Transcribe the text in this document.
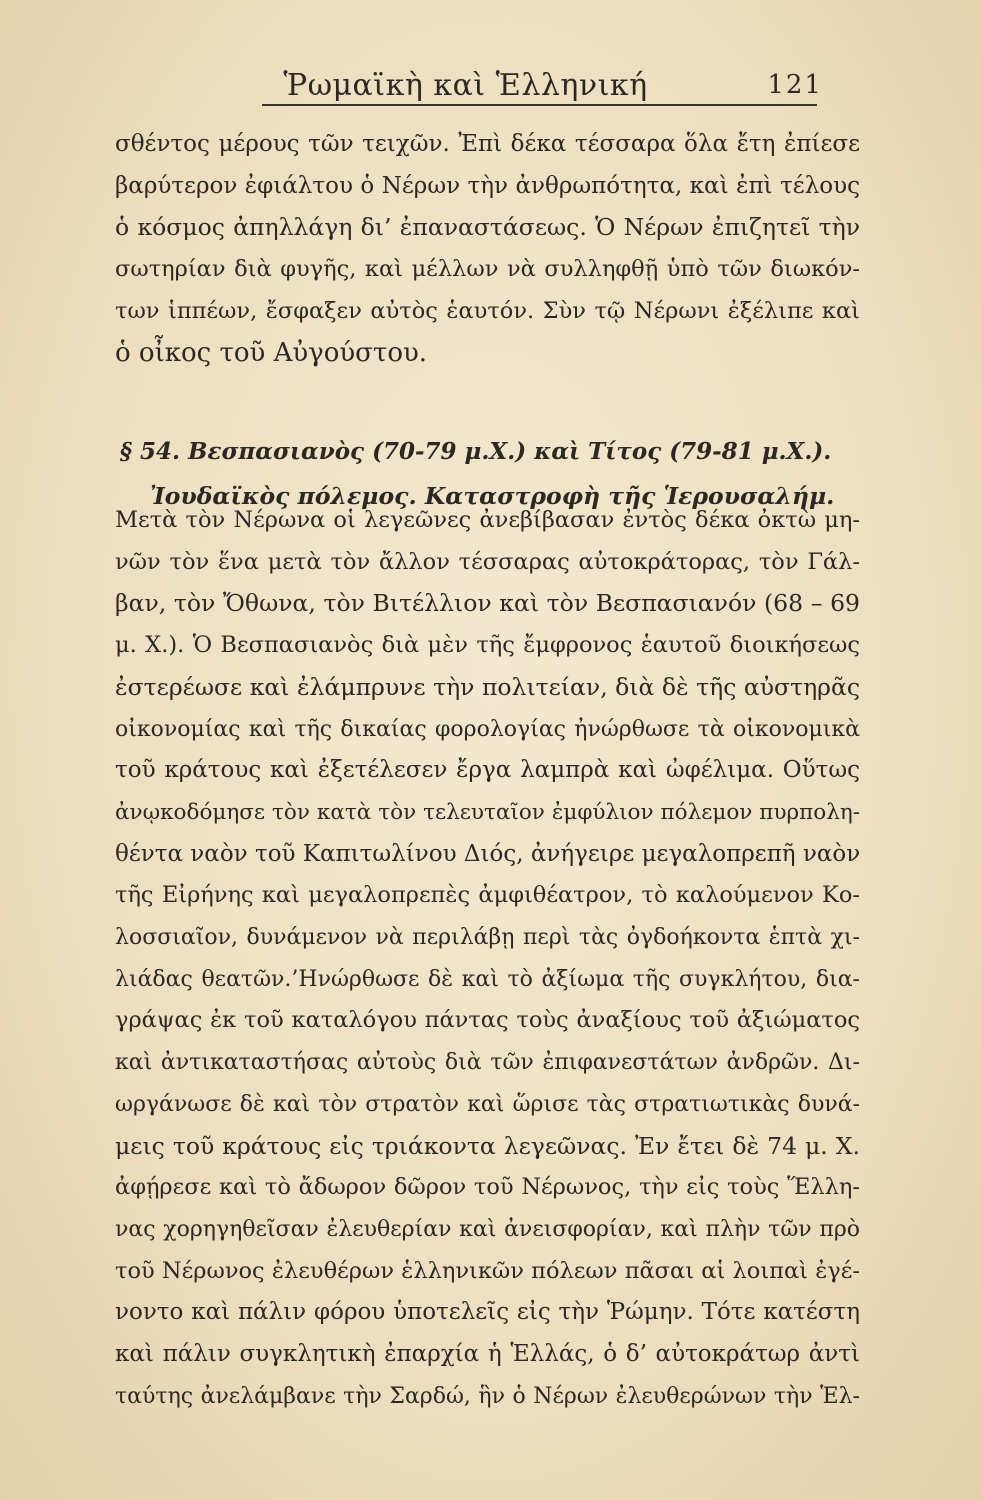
Ῥωμαϊκὴ καὶ Ἑλληνική	121
σθέντος μέρους τῶν τειχῶν. Ἐπὶ δέκα τέσσαρα ὅλα ἔτη ἐπίεσε
βαρύτερον ἐφιάλτου ὁ Νέρων τὴν ἀνθρωπότητα, καὶ ἐπὶ τέλους
ὁ κόσμος ἀπηλλάγη δι’ ἐπαναστάσεως. Ὁ Νέρων ἐπιζητεῖ τὴν
σωτηρίαν διὰ φυγῆς, καὶ μέλλων νὰ συλληφθῇ ὑπὸ τῶν διωκόν-
των ἱππέων, ἔσφαξεν αὐτὸς ἑαυτόν. Σὺν τῷ Νέρωνι ἐξέλιπε καὶ
ὁ οἶκος τοῦ Αὐγούστου.
§ 54. Βεσπασιανὸς (70-79 μ.Χ.) καὶ Τίτος (79-81 μ.Χ.).
Ἰουδαϊκὸς πόλεμος. Καταστροφὴ τῆς Ἱερουσαλήμ.
Μετὰ τὸν Νέρωνα οἱ λεγεῶνες ἀνεβίβασαν ἐντὸς δέκα ὀκτὼ μη-
νῶν τὸν ἕνα μετὰ τὸν ἄλλον τέσσαρας αὐτοκράτορας, τὸν Γάλ-
βαν, τὸν Ὄθωνα, τὸν Βιτέλλιον καὶ τὸν Βεσπασιανόν (68 – 69
μ. Χ.). Ὁ Βεσπασιανὸς διὰ μὲν τῆς ἔμφρονος ἑαυτοῦ διοικήσεως
ἐστερέωσε καὶ ἐλάμπρυνε τὴν πολιτείαν, διὰ δὲ τῆς αὐστηρᾶς
οἰκονομίας καὶ τῆς δικαίας φορολογίας ἠνώρθωσε τὰ οἰκονομικὰ
τοῦ κράτους καὶ ἐξετέλεσεν ἔργα λαμπρὰ καὶ ὠφέλιμα. Οὕτως
ἀνῳκοδόμησε τὸν κατὰ τὸν τελευταῖον ἐμφύλιον πόλεμον πυρπολη-
θέντα ναὸν τοῦ Καπιτωλίνου Διός, ἀνήγειρε μεγαλοπρεπῆ ναὸν
τῆς Εἰρήνης καὶ μεγαλοπρεπὲς ἀμφιθέατρον, τὸ καλούμενον Κο-
λοσσιαῖον, δυνάμενον νὰ περιλάβῃ περὶ τὰς ὀγδοήκοντα ἑπτὰ χι-
λιάδας θεατῶν.’Ηνώρθωσε δὲ καὶ τὸ ἀξίωμα τῆς συγκλήτου, δια-
γράψας ἐκ τοῦ καταλόγου πάντας τοὺς ἀναξίους τοῦ ἀξιώματος
καὶ ἀντικαταστήσας αὐτοὺς διὰ τῶν ἐπιφανεστάτων ἀνδρῶν. Δι-
ωργάνωσε δὲ καὶ τὸν στρατὸν καὶ ὥρισε τὰς στρατιωτικὰς δυνά-
μεις τοῦ κράτους εἰς τριάκοντα λεγεῶνας. Ἐν ἔτει δὲ 74 μ. Χ.
ἀφῄρεσε καὶ τὸ ἄδωρον δῶρον τοῦ Νέρωνος, τὴν εἰς τοὺς Ἕλλη-
νας χορηγηθεῖσαν ἐλευθερίαν καὶ ἀνεισφορίαν, καὶ πλὴν τῶν πρὸ
τοῦ Νέρωνος ἐλευθέρων ἑλληνικῶν πόλεων πᾶσαι αἱ λοιπαὶ ἐγέ-
νοντο καὶ πάλιν φόρου ὑποτελεῖς εἰς τὴν Ῥώμην. Τότε κατέστη
καὶ πάλιν συγκλητικὴ ἐπαρχία ἡ Ἑλλάς, ὁ δ’ αὐτοκράτωρ ἀντὶ
ταύτης ἀνελάμβανε τὴν Σαρδώ, ἣν ὁ Νέρων ἐλευθερώνων τὴν Ἑλ-
